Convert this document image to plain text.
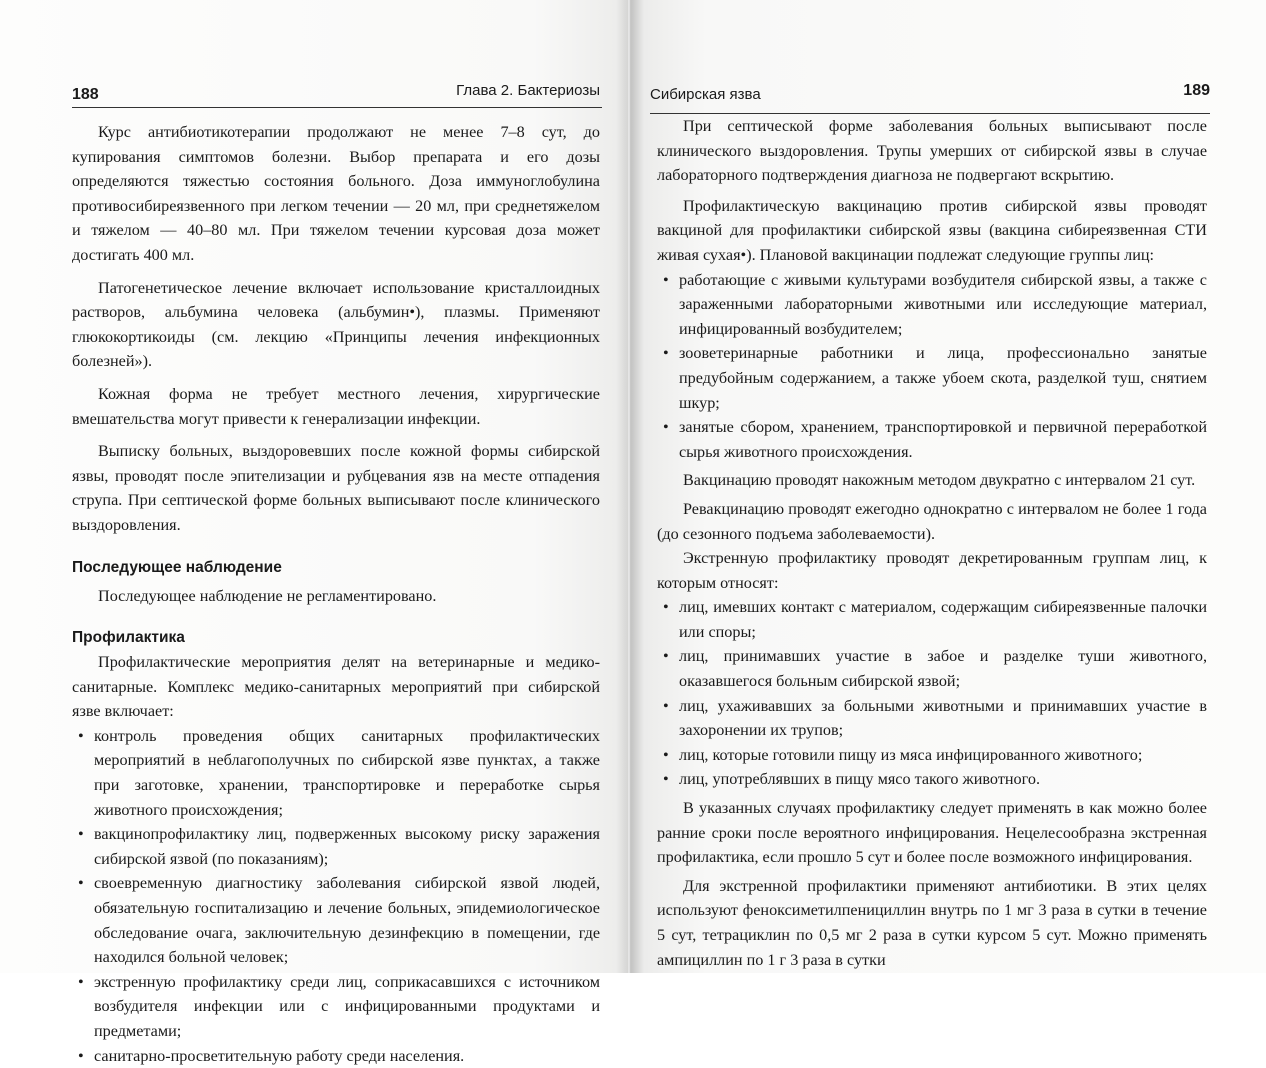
188	Глава 2. Бактериозы

Курс антибиотикотерапии продолжают не менее 7–8 сут, до купирования симптомов болезни. Выбор препарата и его дозы определяются тяжестью состояния больного. Доза иммуноглобулина противосибиреязвенного при легком течении — 20 мл, при среднетяжелом и тяжелом — 40–80 мл. При тяжелом течении курсовая доза может достигать 400 мл.

Патогенетическое лечение включает использование кристаллоидных растворов, альбумина человека (альбумин•), плазмы. Применяют глюкокортикоиды (см. лекцию «Принципы лечения инфекционных болезней»).

Кожная форма не требует местного лечения, хирургические вмешательства могут привести к генерализации инфекции.

Выписку больных, выздоровевших после кожной формы сибирской язвы, проводят после эпителизации и рубцевания язв на месте отпадения струпа. При септической форме больных выписывают после клинического выздоровления.

Последующее наблюдение

Последующее наблюдение не регламентировано.

Профилактика

Профилактические мероприятия делят на ветеринарные и медико-санитарные. Комплекс медико-санитарных мероприятий при сибирской язве включает:

• контроль проведения общих санитарных профилактических мероприятий в неблагополучных по сибирской язве пунктах, а также при заготовке, хранении, транспортировке и переработке сырья животного происхождения;
• вакцинопрофилактику лиц, подверженных высокому риску заражения сибирской язвой (по показаниям);
• своевременную диагностику заболевания сибирской язвой людей, обязательную госпитализацию и лечение больных, эпидемиологическое обследование очага, заключительную дезинфекцию в помещении, где находился больной человек;
• экстренную профилактику среди лиц, соприкасавшихся с источником возбудителя инфекции или с инфицированными продуктами и предметами;
• санитарно-просветительную работу среди населения.
Сибирская язва	189

При септической форме заболевания больных выписывают после клинического выздоровления. Трупы умерших от сибирской язвы в случае лабораторного подтверждения диагноза не подвергают вскрытию.

Профилактическую вакцинацию против сибирской язвы проводят вакциной для профилактики сибирской язвы (вакцина сибиреязвенная СТИ живая сухая•). Плановой вакцинации подлежат следующие группы лиц:

• работающие с живыми культурами возбудителя сибирской язвы, а также с зараженными лабораторными животными или исследующие материал, инфицированный возбудителем;
• зооветеринарные работники и лица, профессионально занятые предубойным содержанием, а также убоем скота, разделкой туш, снятием шкур;
• занятые сбором, хранением, транспортировкой и первичной переработкой сырья животного происхождения.

Вакцинацию проводят накожным методом двукратно с интервалом 21 сут.

Ревакцинацию проводят ежегодно однократно с интервалом не более 1 года (до сезонного подъема заболеваемости).

Экстренную профилактику проводят декретированным группам лиц, к которым относят:

• лиц, имевших контакт с материалом, содержащим сибиреязвенные палочки или споры;
• лиц, принимавших участие в забое и разделке туши животного, оказавшегося больным сибирской язвой;
• лиц, ухаживавших за больными животными и принимавших участие в захоронении их трупов;
• лиц, которые готовили пищу из мяса инфицированного животного;
• лиц, употреблявших в пищу мясо такого животного.

В указанных случаях профилактику следует применять в как можно более ранние сроки после вероятного инфицирования. Нецелесообразна экстренная профилактика, если прошло 5 сут и более после возможного инфицирования.

Для экстренной профилактики применяют антибиотики. В этих целях используют феноксиметилпенициллин внутрь по 1 мг 3 раза в сутки в течение 5 сут, тетрациклин по 0,5 мг 2 раза в сутки курсом 5 сут. Можно применять ампициллин по 1 г 3 раза в сутки
